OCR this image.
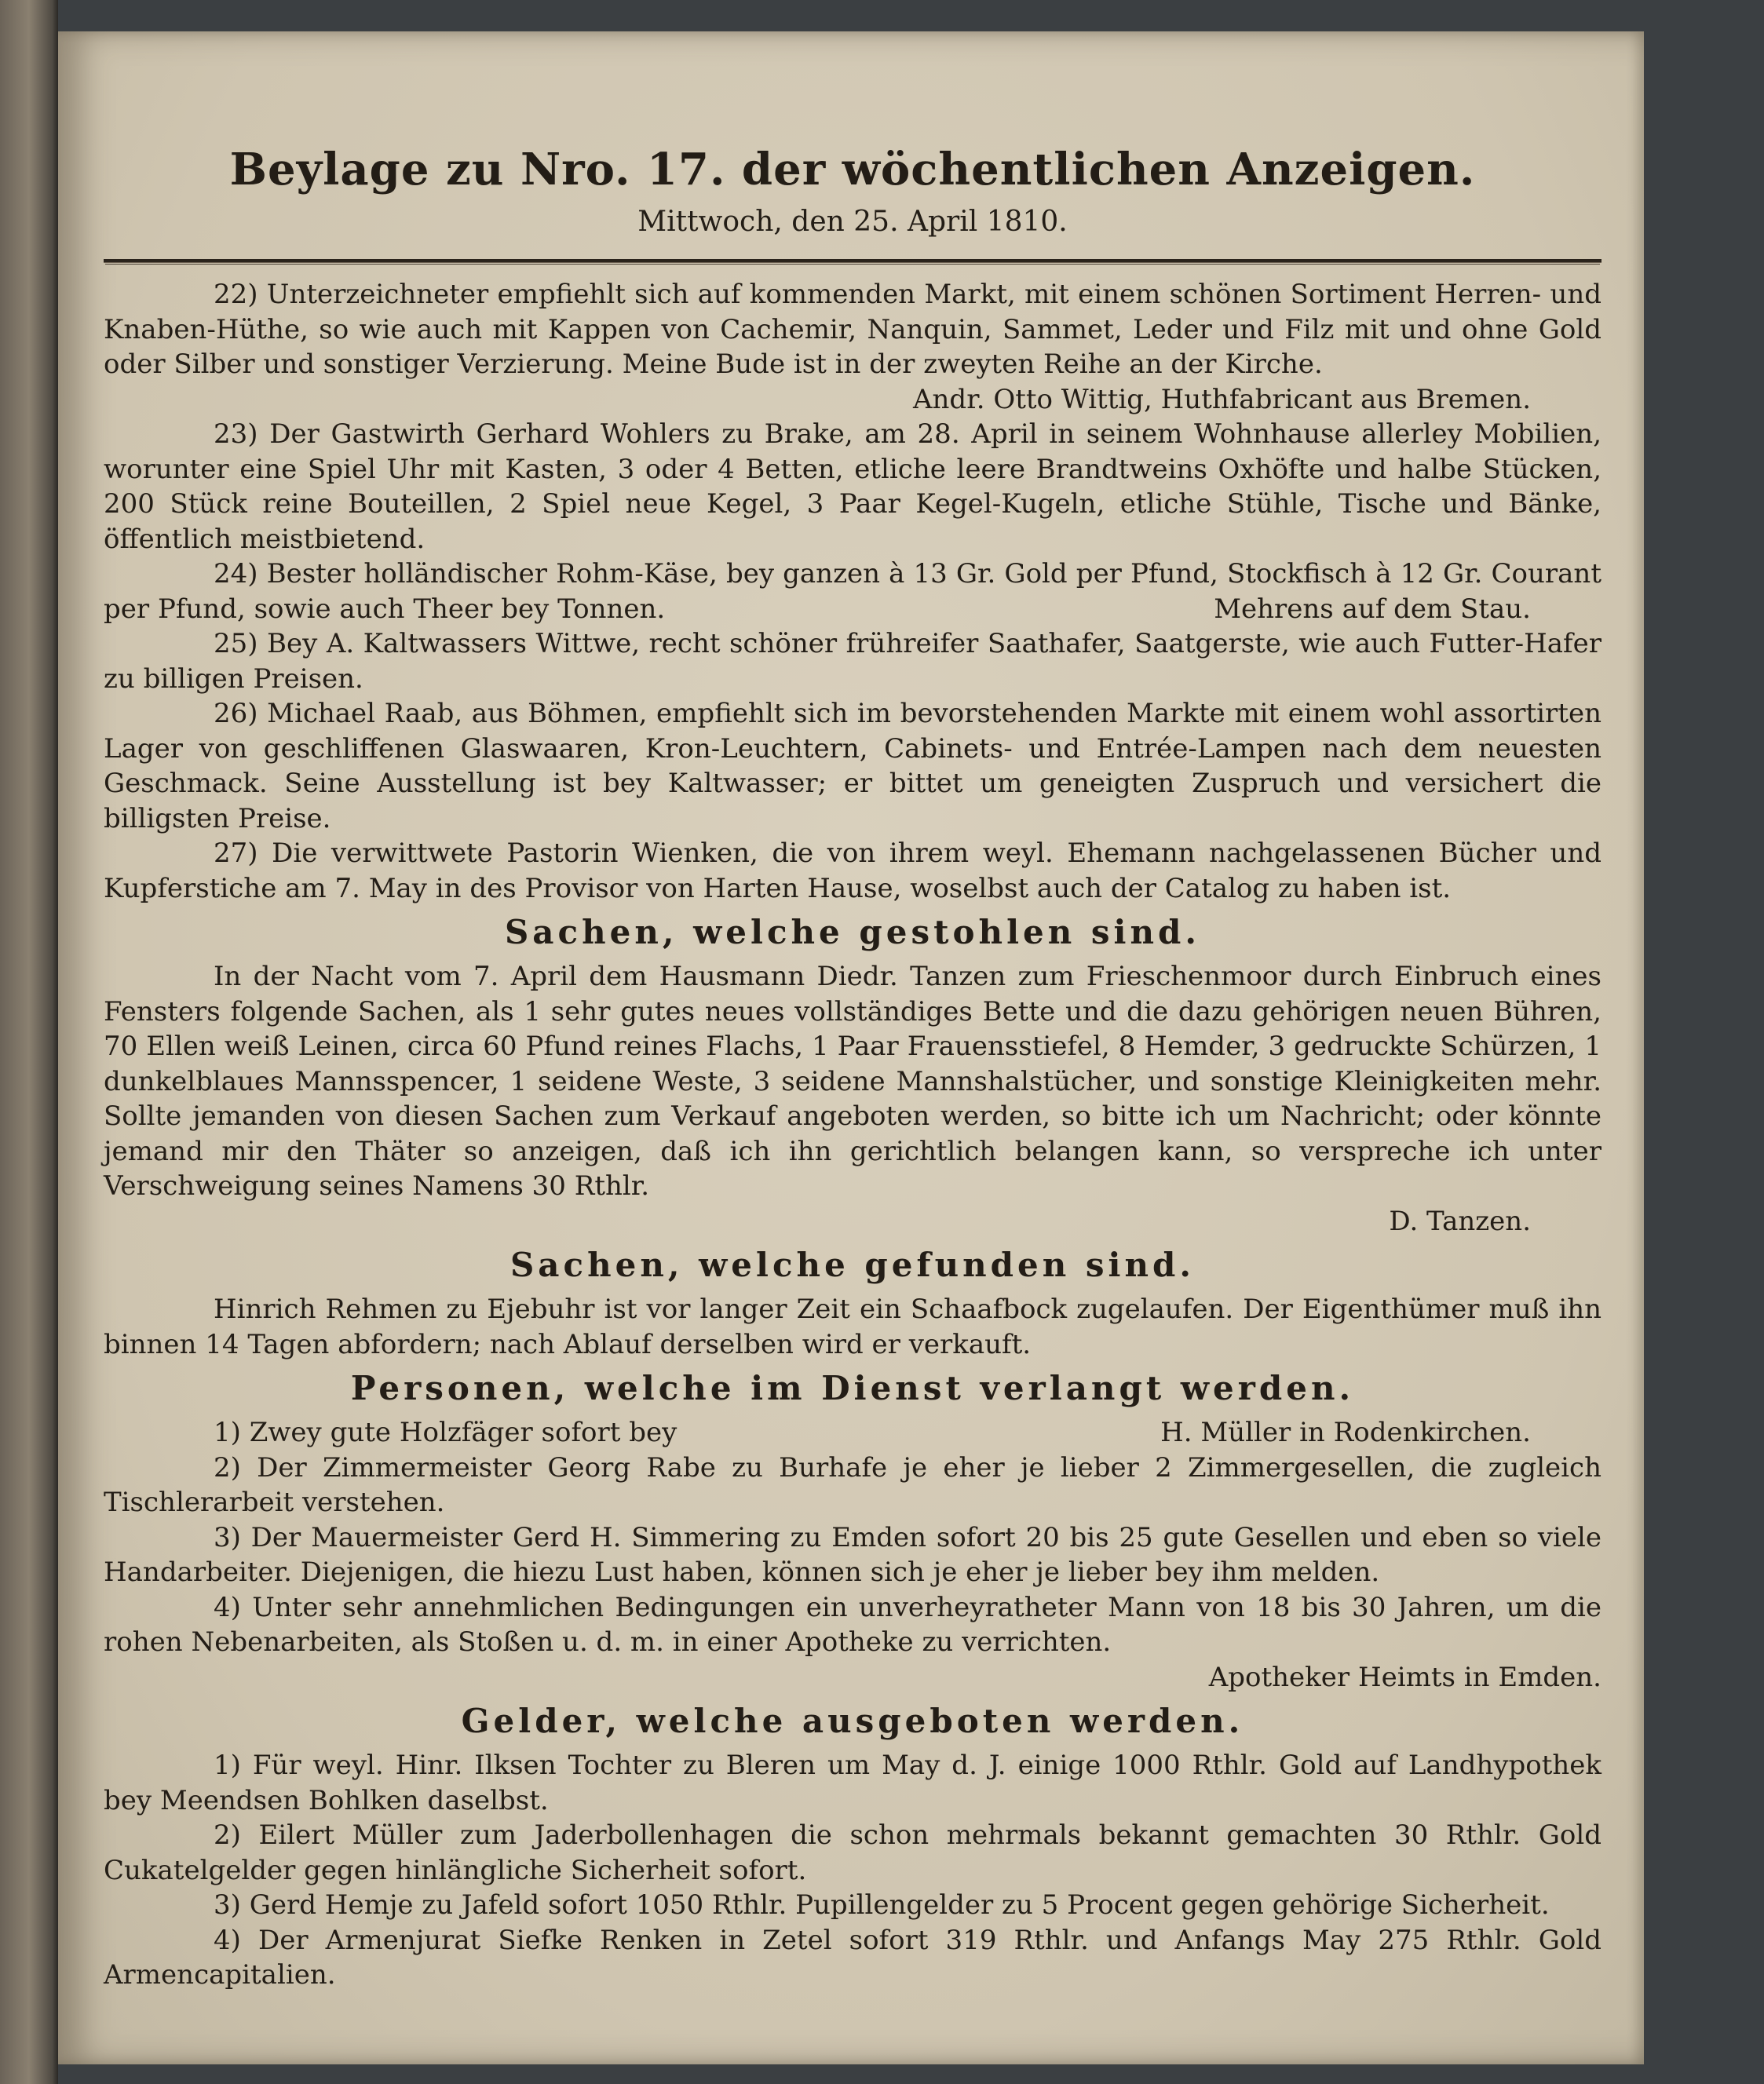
Beylage zu Nro. 17. der wöchentlichen Anzeigen.
Mittwoch, den 25. April 1810.

22) Unterzeichneter empfiehlt sich auf kommenden Markt, mit einem schönen Sortiment Herren- und Knaben-Hüthe, so wie auch mit Kappen von Cachemir, Nanquin, Sammet, Leder und Filz mit und ohne Gold oder Silber und sonstiger Verzierung. Meine Bude ist in der zweyten Reihe an der Kirche.

Andr. Otto Wittig, Huthfabricant aus Bremen.

23) Der Gastwirth Gerhard Wohlers zu Brake, am 28. April in seinem Wohnhause allerley Mobilien, worunter eine Spiel Uhr mit Kasten, 3 oder 4 Betten, etliche leere Brandtweins Oxhöfte und halbe Stücken, 200 Stück reine Bouteillen, 2 Spiel neue Kegel, 3 Paar Kegel-Kugeln, etliche Stühle, Tische und Bänke, öffentlich meistbietend.

24) Bester holländischer Rohm-Käse, bey ganzen à 13 Gr. Gold per Pfund, Stockfisch à 12 Gr. Courant per Pfund, sowie auch Theer bey Tonnen.	Mehrens auf dem Stau.

25) Bey A. Kaltwassers Wittwe, recht schöner frühreifer Saathafer, Saatgerste, wie auch Futter-Hafer zu billigen Preisen.

26) Michael Raab, aus Böhmen, empfiehlt sich im bevorstehenden Markte mit einem wohl assortirten Lager von geschliffenen Glaswaaren, Kron-Leuchtern, Cabinets- und Entrée-Lampen nach dem neuesten Geschmack. Seine Ausstellung ist bey Kaltwasser; er bittet um geneigten Zuspruch und versichert die billigsten Preise.

27) Die verwittwete Pastorin Wienken, die von ihrem weyl. Ehemann nachgelassenen Bücher und Kupferstiche am 7. May in des Provisor von Harten Hause, woselbst auch der Catalog zu haben ist.

Sachen, welche gestohlen sind.

In der Nacht vom 7. April dem Hausmann Diedr. Tanzen zum Frieschenmoor durch Einbruch eines Fensters folgende Sachen, als 1 sehr gutes neues vollständiges Bette und die dazu gehörigen neuen Bühren, 70 Ellen weiß Leinen, circa 60 Pfund reines Flachs, 1 Paar Frauensstiefel, 8 Hemder, 3 gedruckte Schürzen, 1 dunkelblaues Mannsspencer, 1 seidene Weste, 3 seidene Mannshalstücher, und sonstige Kleinigkeiten mehr. Sollte jemanden von diesen Sachen zum Verkauf angeboten werden, so bitte ich um Nachricht; oder könnte jemand mir den Thäter so anzeigen, daß ich ihn gerichtlich belangen kann, so verspreche ich unter Verschweigung seines Namens 30 Rthlr.

D. Tanzen.
Sachen, welche gefunden sind.

Hinrich Rehmen zu Ejebuhr ist vor langer Zeit ein Schaafbock zugelaufen. Der Eigenthümer muß ihn binnen 14 Tagen abfordern; nach Ablauf derselben wird er verkauft.

Personen, welche im Dienst verlangt werden.

1) Zwey gute Holzfäger sofort bey	H. Müller in Rodenkirchen.

2) Der Zimmermeister Georg Rabe zu Burhafe je eher je lieber 2 Zimmergesellen, die zugleich Tischlerarbeit verstehen.

3) Der Mauermeister Gerd H. Simmering zu Emden sofort 20 bis 25 gute Gesellen und eben so viele Handarbeiter. Diejenigen, die hiezu Lust haben, können sich je eher je lieber bey ihm melden.

4) Unter sehr annehmlichen Bedingungen ein unverheyratheter Mann von 18 bis 30 Jahren, um die rohen Nebenarbeiten, als Stoßen u. d. m. in einer Apotheke zu verrichten.
Apotheker Heimts in Emden.

Gelder, welche ausgeboten werden.

1) Für weyl. Hinr. Ilksen Tochter zu Bleren um May d. J. einige 1000 Rthlr. Gold auf Landhypothek bey Meendsen Bohlken daselbst.

2) Eilert Müller zum Jaderbollenhagen die schon mehrmals bekannt gemachten 30 Rthlr. Gold Cukatelgelder gegen hinlängliche Sicherheit sofort.

3) Gerd Hemje zu Jafeld sofort 1050 Rthlr. Pupillengelder zu 5 Procent gegen gehörige Sicherheit.

4) Der Armenjurat Siefke Renken in Zetel sofort 319 Rthlr. und Anfangs May 275 Rthlr. Gold Armencapitalien.
